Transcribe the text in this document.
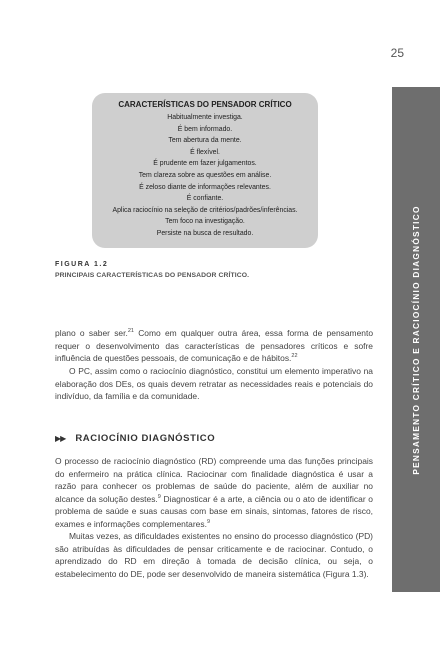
25
PENSAMENTO CRÍTICO E RACIOCÍNIO DIAGNÓSTICO
CARACTERÍSTICAS DO PENSADOR CRÍTICO
Habitualmente investiga.
É bem informado.
Tem abertura da mente.
É flexível.
É prudente em fazer julgamentos.
Tem clareza sobre as questões em análise.
É zeloso diante de informações relevantes.
É confiante.
Aplica raciocínio na seleção de critérios/padrões/inferências.
Tem foco na investigação.
Persiste na busca de resultado.
FIGURA 1.2
PRINCIPAIS CARACTERÍSTICAS DO PENSADOR CRÍTICO.

plano o saber ser.$^{21}$ Como em qualquer outra área, essa forma de pensamento requer o desenvolvimento das características de pensadores críticos e sofre influência de questões pessoais, de comunicação e de hábitos.$^{22}$

O PC, assim como o raciocínio diagnóstico, constitui um elemento imperativo na elaboração dos DEs, os quais devem retratar as necessidades reais e potenciais do indivíduo, da família e da comunidade.

▶▶ RACIOCÍNIO DIAGNÓSTICO

O processo de raciocínio diagnóstico (RD) compreende uma das funções principais do enfermeiro na prática clínica. Raciocinar com finalidade diagnóstica é usar a razão para conhecer os problemas de saúde do paciente, além de auxiliar no alcance da solução destes.$^9$ Diagnosticar é a arte, a ciência ou o ato de identificar o problema de saúde e suas causas com base em sinais, sintomas, fatores de risco, exames e informações complementares.$^9$

Muitas vezes, as dificuldades existentes no ensino do processo diagnóstico (PD) são atribuídas às dificuldades de pensar criticamente e de raciocinar. Contudo, o aprendizado do RD em direção à tomada de decisão clínica, ou seja, o estabelecimento do DE, pode ser desenvolvido de maneira sistemática (Figura 1.3).
